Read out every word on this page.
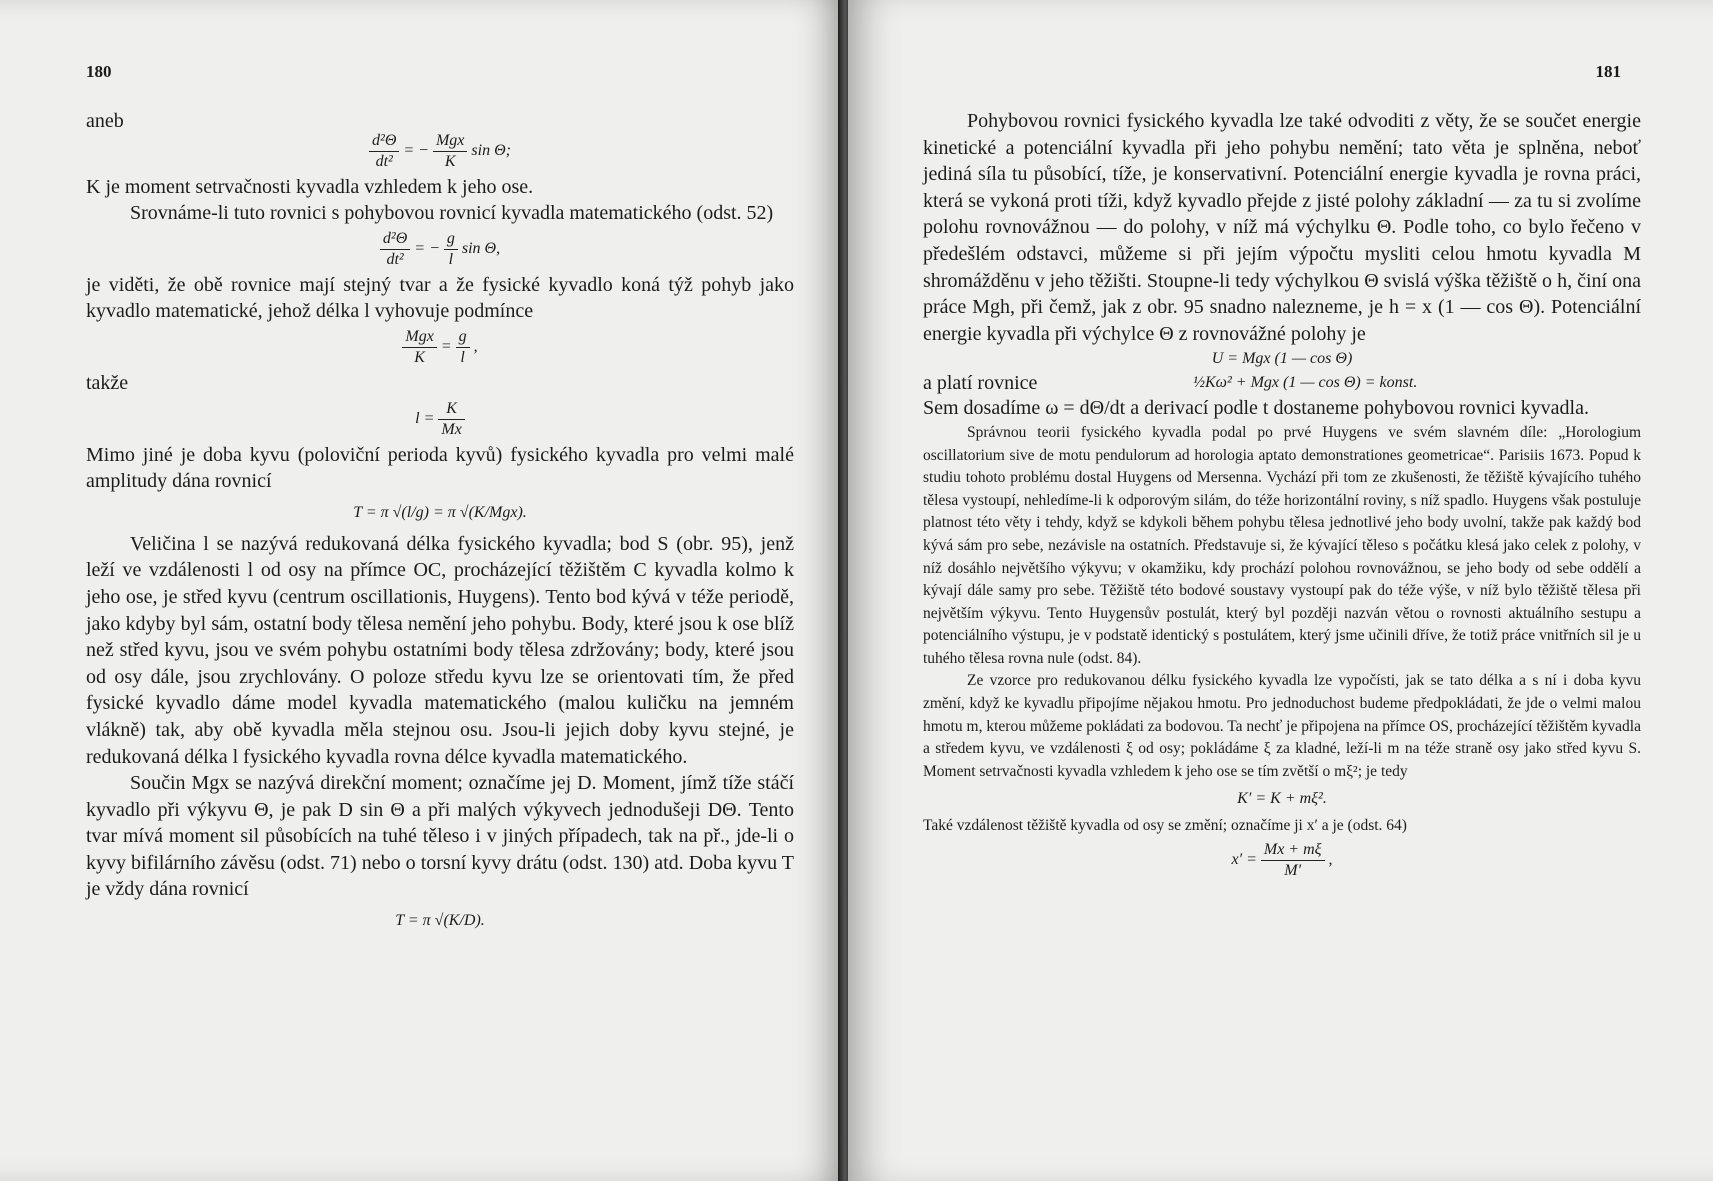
180

aneb

$\frac{\text{d²Θ}}{\text{dt²}}$ = − $\frac{\text{Mgx}}{K}$ sin Θ;

K je moment setrvačnosti kyvadla vzhledem k jeho ose.

Srovnáme-li tuto rovnici s pohybovou rovnicí kyvadla matematického (odst. 52)

$\frac{\text{d²Θ}}{\text{dt²}}$ = − $\frac{g}{l}$ sin Θ,

je viděti, že obě rovnice mají stejný tvar a že fysické kyvadlo koná týž pohyb jako kyvadlo matematické, jehož délka l vyhovuje podmínce

$\frac{\text{Mgx}}{K} = \frac{g}{l}$ ,

takže

$l = \frac{K}{Mx}$

Mimo jiné je doba kyvu (poloviční perioda kyvů) fysického kyvadla pro velmi malé amplitudy dána rovnicí

T = π √(l/g) = π √(K/Mgx).

Veličina l se nazývá redukovaná délka fysického kyvadla; bod S (obr. 95), jenž leží ve vzdálenosti l od osy na přímce OC, procházející těžištěm C kyvadla kolmo k jeho ose, je střed kyvu (centrum oscillationis, Huygens). Tento bod kývá v téže periodě, jako kdyby byl sám, ostatní body tělesa nemění jeho pohybu. Body, které jsou k ose blíž než střed kyvu, jsou ve svém pohybu ostatními body tělesa zdržovány; body, které jsou od osy dále, jsou zrychlovány. O poloze středu kyvu lze se orientovati tím, že před fysické kyvadlo dáme model kyvadla matematického (malou kuličku na jemném vlákně) tak, aby obě kyvadla měla stejnou osu. Jsou-li jejich doby kyvu stejné, je redukovaná délka l fysického kyvadla rovna délce kyvadla matematického.

Součin Mgx se nazývá direkční moment; označíme jej D. Moment, jímž tíže stáčí kyvadlo při výkyvu Θ, je pak D sin Θ a při malých výkyvech jednodušeji DΘ. Tento tvar mívá moment sil působících na tuhé těleso i v jiných případech, tak na př., jde-li o kyvy bifilárního závěsu (odst. 71) nebo o torsní kyvy drátu (odst. 130) atd. Doba kyvu T je vždy dána rovnicí

T = π √(K/D).
181

Pohybovou rovnici fysického kyvadla lze také odvoditi z věty, že se součet energie kinetické a potenciální kyvadla při jeho pohybu nemění; tato věta je splněna, neboť jediná síla tu působící, tíže, je konservativní. Potenciální energie kyvadla je rovna práci, která se vykoná proti tíži, když kyvadlo přejde z jisté polohy základní — za tu si zvolíme polohu rovnovážnou — do polohy, v níž má výchylku Θ. Podle toho, co bylo řečeno v předešlém odstavci, můžeme si při jejím výpočtu mysliti celou hmotu kyvadla M shromážděnu v jeho těžišti. Stoupne-li tedy výchylkou Θ svislá výška těžiště o h, činí ona práce Mgh, při čemž, jak z obr. 95 snadno nalezneme, je h = x (1 — cos Θ). Potenciální energie kyvadla při výchylce Θ z rovnovážné polohy je

U = Mgx (1 — cos Θ)
a platí rovnice	½Kω² + Mgx (1 — cos Θ) = konst.

Sem dosadíme ω = dΘ/dt a derivací podle t dostaneme pohybovou rovnici kyvadla.

Správnou teorii fysického kyvadla podal po prvé Huygens ve svém slavném díle: „Horologium oscillatorium sive de motu pendulorum ad horologia aptato demonstrationes geometricae“. Parisiis 1673. Popud k studiu tohoto problému dostal Huygens od Mersenna. Vychází při tom ze zkušenosti, že těžiště kývajícího tuhého tělesa vystoupí, nehledíme-li k odporovým silám, do téže horizontální roviny, s níž spadlo. Huygens však postuluje platnost této věty i tehdy, když se kdykoli během pohybu tělesa jednotlivé jeho body uvolní, takže pak každý bod kývá sám pro sebe, nezávisle na ostatních. Představuje si, že kývající těleso s počátku klesá jako celek z polohy, v níž dosáhlo největšího výkyvu; v okamžiku, kdy prochází polohou rovnovážnou, se jeho body od sebe oddělí a kývají dále samy pro sebe. Těžiště této bodové soustavy vystoupí pak do téže výše, v níž bylo těžiště tělesa při největším výkyvu. Tento Huygensův postulát, který byl později nazván větou o rovnosti aktuálního sestupu a potenciálního výstupu, je v podstatě identický s postulátem, který jsme učinili dříve, že totiž práce vnitřních sil je u tuhého tělesa rovna nule (odst. 84).

Ze vzorce pro redukovanou délku fysického kyvadla lze vypočísti, jak se tato délka a s ní i doba kyvu změní, když ke kyvadlu připojíme nějakou hmotu. Pro jednoduchost budeme předpokládati, že jde o velmi malou hmotu m, kterou můžeme pokládati za bodovou. Ta nechť je připojena na přímce OS, procházející těžištěm kyvadla a středem kyvu, ve vzdálenosti ξ od osy; pokládáme ξ za kladné, leží-li m na téže straně osy jako střed kyvu S. Moment setrvačnosti kyvadla vzhledem k jeho ose se tím zvětší o mξ²; je tedy

K′ = K + mξ².

Také vzdálenost těžiště kyvadla od osy se změní; označíme ji x′ a je (odst. 64)

$x' = \frac{Mx + m\xi}{M'}$ ,
